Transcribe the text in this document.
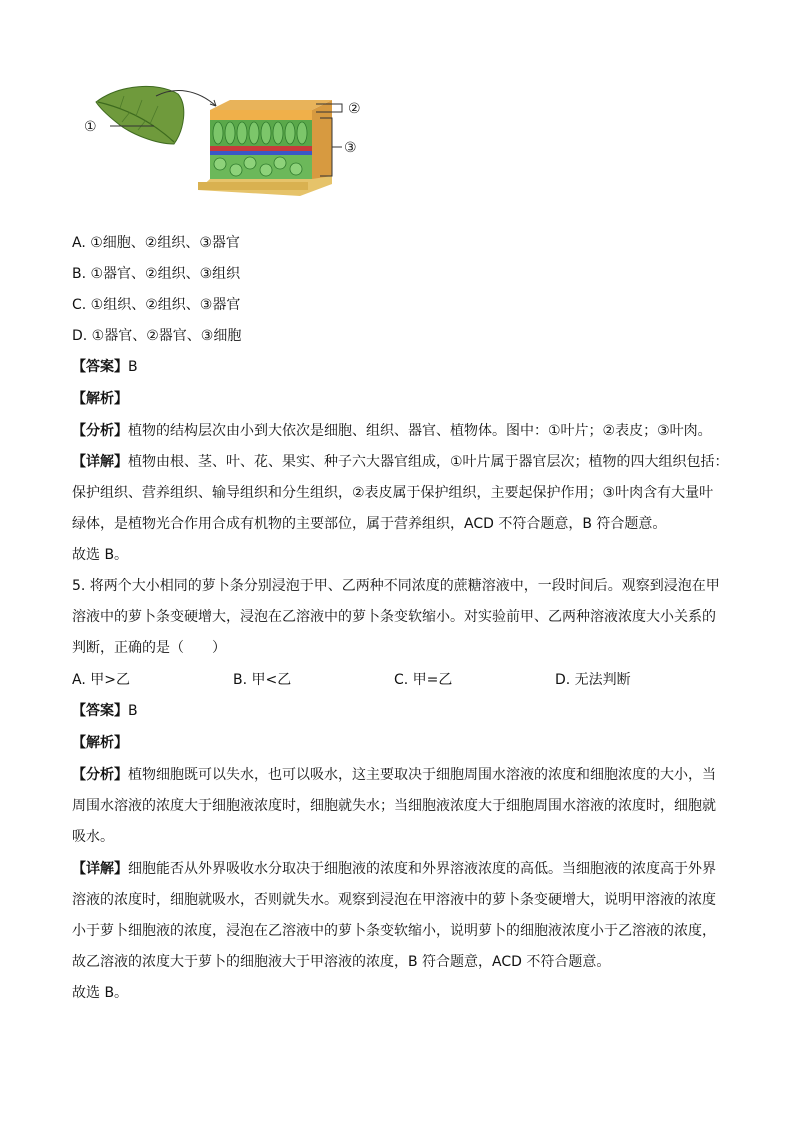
①
②
③
A. ①细胞、②组织、③器官
B. ①器官、②组织、③组织
C. ①组织、②组织、③器官
D. ①器官、②器官、③细胞
【答案】B
【解析】
【分析】植物的结构层次由小到大依次是细胞、组织、器官、植物体。图中：①叶片；②表皮；③叶肉。
【详解】植物由根、茎、叶、花、果实、种子六大器官组成，①叶片属于器官层次；植物的四大组织包括：
保护组织、营养组织、输导组织和分生组织，②表皮属于保护组织，主要起保护作用；③叶肉含有大量叶
绿体，是植物光合作用合成有机物的主要部位，属于营养组织，ACD 不符合题意，B 符合题意。
故选 B。
5. 将两个大小相同的萝卜条分别浸泡于甲、乙两种不同浓度的蔗糖溶液中，一段时间后。观察到浸泡在甲
溶液中的萝卜条变硬增大，浸泡在乙溶液中的萝卜条变软缩小。对实验前甲、乙两种溶液浓度大小关系的
判断，正确的是（　　）
A. 甲>乙	B. 甲<乙	C. 甲=乙	D. 无法判断
【答案】B
【解析】
【分析】植物细胞既可以失水，也可以吸水，这主要取决于细胞周围水溶液的浓度和细胞浓度的大小，当
周围水溶液的浓度大于细胞液浓度时，细胞就失水；当细胞液浓度大于细胞周围水溶液的浓度时，细胞就
吸水。
【详解】细胞能否从外界吸收水分取决于细胞液的浓度和外界溶液浓度的高低。当细胞液的浓度高于外界
溶液的浓度时，细胞就吸水，否则就失水。观察到浸泡在甲溶液中的萝卜条变硬增大，说明甲溶液的浓度
小于萝卜细胞液的浓度，浸泡在乙溶液中的萝卜条变软缩小，说明萝卜的细胞液浓度小于乙溶液的浓度，
故乙溶液的浓度大于萝卜的细胞液大于甲溶液的浓度，B 符合题意，ACD 不符合题意。
故选 B。
